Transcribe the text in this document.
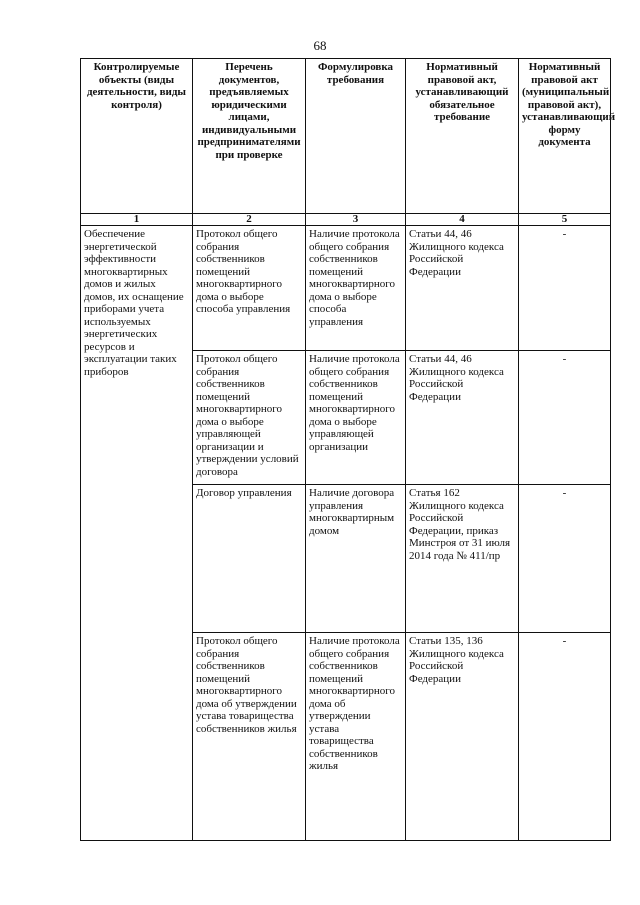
68
Контролируемые объекты (виды деятельности, виды контроля)	Перечень документов, предъявляемых юридическими лицами, индивидуальными предпринимателями при проверке	Формулировка требования	Нормативный правовой акт, устанавливающий обязательное требование	Нормативный правовой акт (муниципальный правовой акт), устанавливающий форму документа
1	2	3	4	5
Обеспечение энергетической эффективности многоквартирных домов и жилых домов, их оснащение приборами учета используемых энергетических ресурсов и эксплуатации таких приборов	Протокол общего собрания собственников помещений многоквартирного дома о выборе способа управления	Наличие протокола общего собрания собственников помещений многоквартирного дома о выборе способа управления	Статьи 44, 46 Жилищного кодекса Российской Федерации	-
	Протокол общего собрания собственников помещений многоквартирного дома о выборе управляющей организации и утверждении условий договора	Наличие протокола общего собрания собственников помещений многоквартирного дома о выборе управляющей организации	Статьи 44, 46 Жилищного кодекса Российской Федерации	-
	Договор управления	Наличие договора управления многоквартирным домом	Статья 162 Жилищного кодекса Российской Федерации, приказ Минстроя от 31 июля 2014 года № 411/пр	-
	Протокол общего собрания собственников помещений многоквартирного дома об утверждении устава товарищества собственников жилья	Наличие протокола общего собрания собственников помещений многоквартирного дома об утверждении устава товарищества собственников жилья	Статьи 135, 136 Жилищного кодекса Российской Федерации	-
